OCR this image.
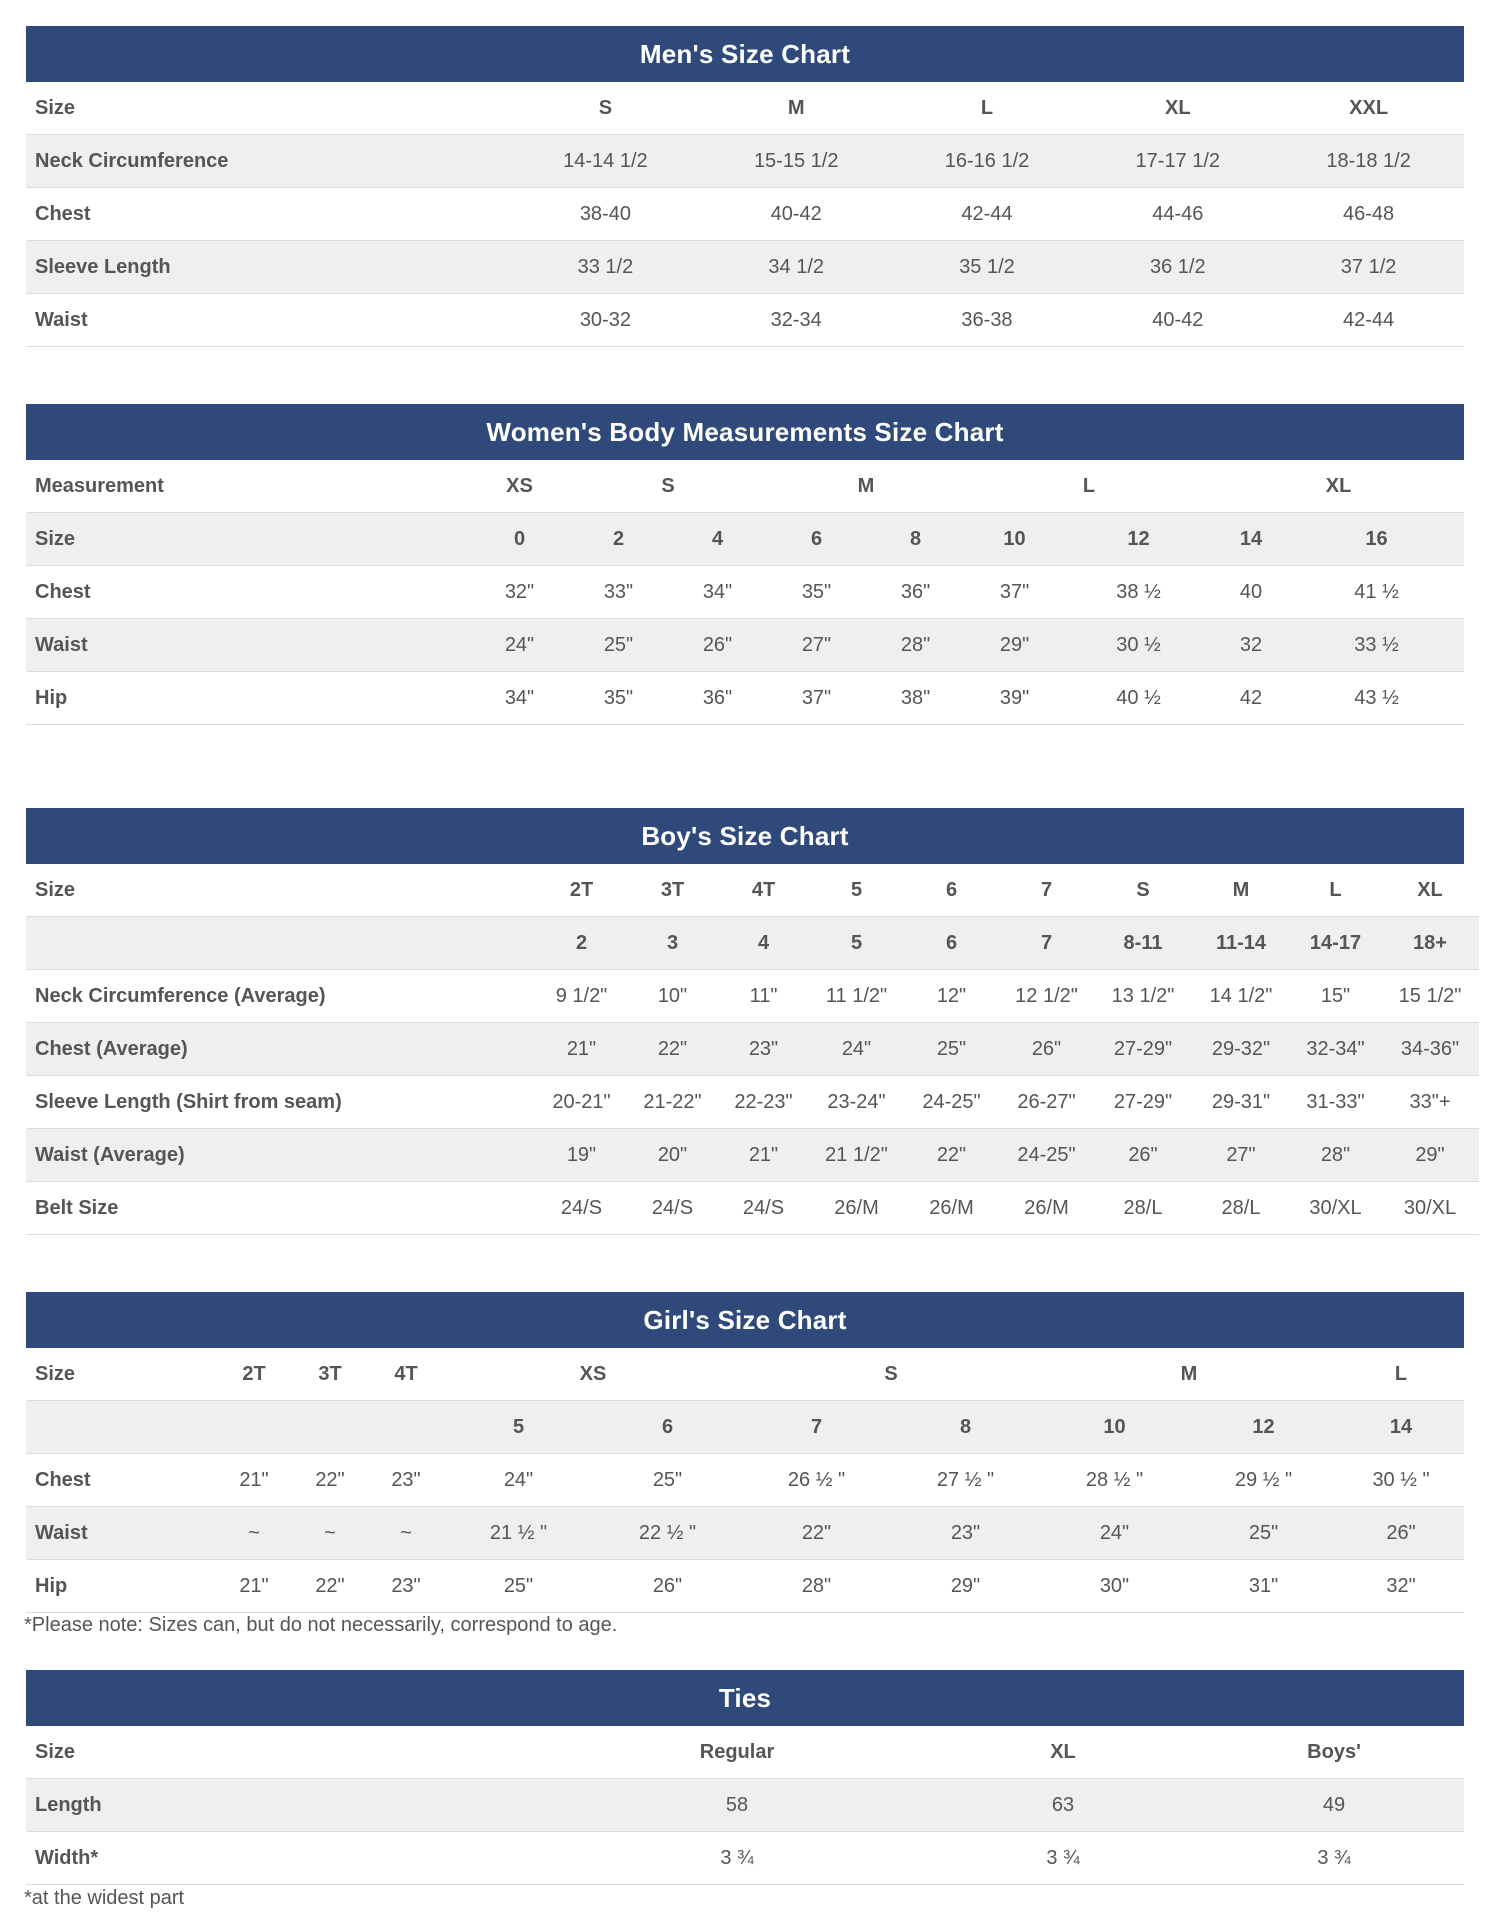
Men's Size Chart
Size	S	M	L	XL	XXL
Neck Circumference	14-14 1/2	15-15 1/2	16-16 1/2	17-17 1/2	18-18 1/2
Chest	38-40	40-42	42-44	44-46	46-48
Sleeve Length	33 1/2	34 1/2	35 1/2	36 1/2	37 1/2
Waist	30-32	32-34	36-38	40-42	42-44
Women's Body Measurements Size Chart
Measurement	XS	S		M		L		XL	
Size	0	2	4	6	8	10	12	14	16
Chest	32"	33"	34"	35"	36"	37"	38 ½	40	41 ½
Waist	24"	25"	26"	27"	28"	29"	30 ½	32	33 ½
Hip	34"	35"	36"	37"	38"	39"	40 ½	42	43 ½
Boy's Size Chart
Size	2T	3T	4T	5	6	7	S	M	L	XL
	2	3	4	5	6	7	8-11	11-14	14-17	18+
Neck Circumference (Average)	9 1/2"	10"	11"	11 1/2"	12"	12 1/2"	13 1/2"	14 1/2"	15"	15 1/2"
Chest (Average)	21"	22"	23"	24"	25"	26"	27-29"	29-32"	32-34"	34-36"
Sleeve Length (Shirt from seam)	20-21"	21-22"	22-23"	23-24"	24-25"	26-27"	27-29"	29-31"	31-33"	33"+
Waist (Average)	19"	20"	21"	21 1/2"	22"	24-25"	26"	27"	28"	29"
Belt Size	24/S	24/S	24/S	26/M	26/M	26/M	28/L	28/L	30/XL	30/XL
Girl's Size Chart
Size	2T	3T	4T	XS		S		M		L
				5	6	7	8	10	12	14
Chest	21"	22"	23"	24"	25"	26 ½ "	27 ½ "	28 ½ "	29 ½ "	30 ½ "
Waist	~	~	~	21 ½ "	22 ½ "	22"	23"	24"	25"	26"
Hip	21"	22"	23"	25"	26"	28"	29"	30"	31"	32"
*Please note: Sizes can, but do not necessarily, correspond to age.
Ties
Size	Regular	XL	Boys'
Length	58	63	49
Width*	3 ¾	3 ¾	3 ¾
*at the widest part
